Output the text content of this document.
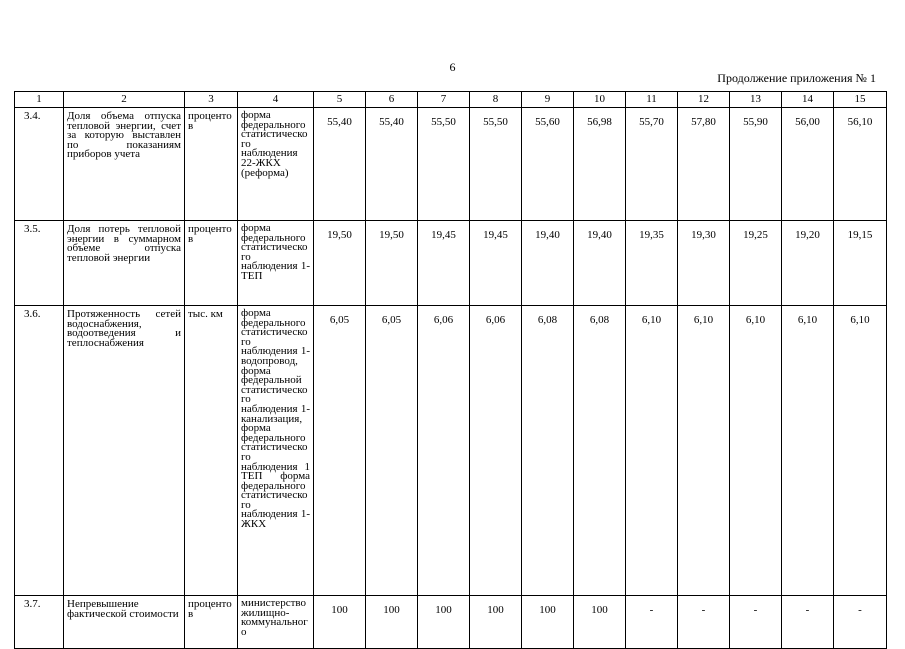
6
Продолжение приложения № 1
1	2	3	4	5	6	7	8	9	10	11	12	13	14	15
3.4.	Доля объема отпуска тепловой энергии, счет за которую выставлен по показаниям приборов учета	процентов	форма федерального статистического наблюдения 22-ЖКХ (реформа)	55,40	55,40	55,50	55,50	55,60	56,98	55,70	57,80	55,90	56,00	56,10
3.5.	Доля потерь тепловой энергии в суммарном объеме отпуска тепловой энергии	процентов	форма федерального статистического наблюдения 1-ТЕП	19,50	19,50	19,45	19,45	19,40	19,40	19,35	19,30	19,25	19,20	19,15
3.6.	Протяженность сетей водоснабжения, водоотведения и теплоснабжения	тыс. км	форма федерального статистического наблюдения 1-водопровод, форма федеральной статистического наблюдения 1- канализация, форма федерального статистического наблюдения 1 ТЕП форма федерального статистического наблюдения 1-ЖКХ	6,05	6,05	6,06	6,06	6,08	6,08	6,10	6,10	6,10	6,10	6,10
3.7.	Непревышение фактической стоимости	процентов	министерство жилищно-коммунального	100	100	100	100	100	100	-	-	-	-	-
